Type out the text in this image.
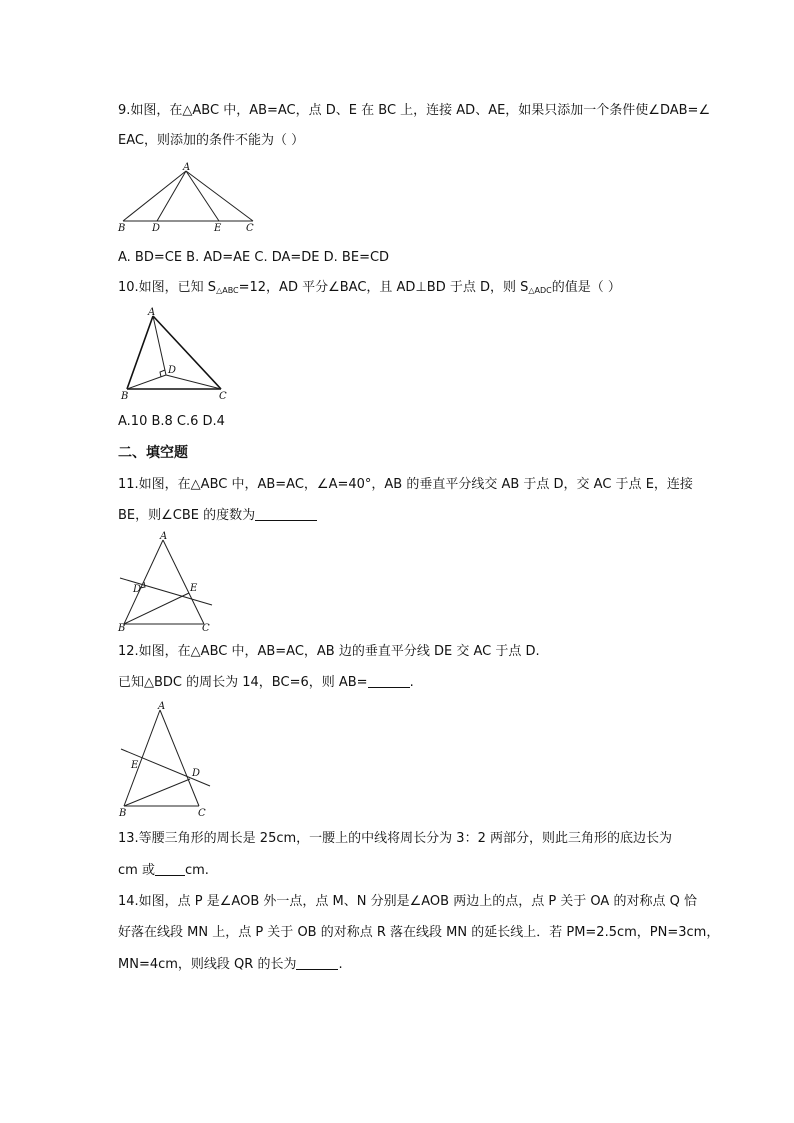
9.如图，在△ABC 中，AB=AC，点 D、E 在 BC 上，连接 AD、AE，如果只添加一个条件使∠DAB=∠
EAC，则添加的条件不能为（ ）
A
B	D	E C
A. BD=CE B. AD=AE C. DA=DE D. BE=CD
10.如图，已知 $S_{\triangle ABC}=12$，AD 平分∠BAC，且 AD⊥BD 于点 D，则 $S_{\triangle ADC}$的值是（ ）
A
B	C
D
A.10 B.8 C.6 D.4
二、填空题
11.如图，在△ABC 中，AB=AC，∠A=40°，AB 的垂直平分线交 AB 于点 D，交 AC 于点 E，连接
BE，则∠CBE 的度数为
A
D	E
B	C
12.如图，在△ABC 中，AB=AC，AB 边的垂直平分线 DE 交 AC 于点 D.
已知△BDC 的周长为 14，BC=6，则 AB=	.
A
E
D
B	C
13.等腰三角形的周长是 25cm，一腰上的中线将周长分为 3：2 两部分，则此三角形的底边长为
cm 或 cm.
14.如图，点 P 是∠AOB 外一点，点 M、N 分别是∠AOB 两边上的点，点 P 关于 OA 的对称点 Q 恰
好落在线段 MN 上，点 P 关于 OB 的对称点 R 落在线段 MN 的延长线上．若 PM=2.5cm，PN=3cm，
MN=4cm，则线段 QR 的长为	.
